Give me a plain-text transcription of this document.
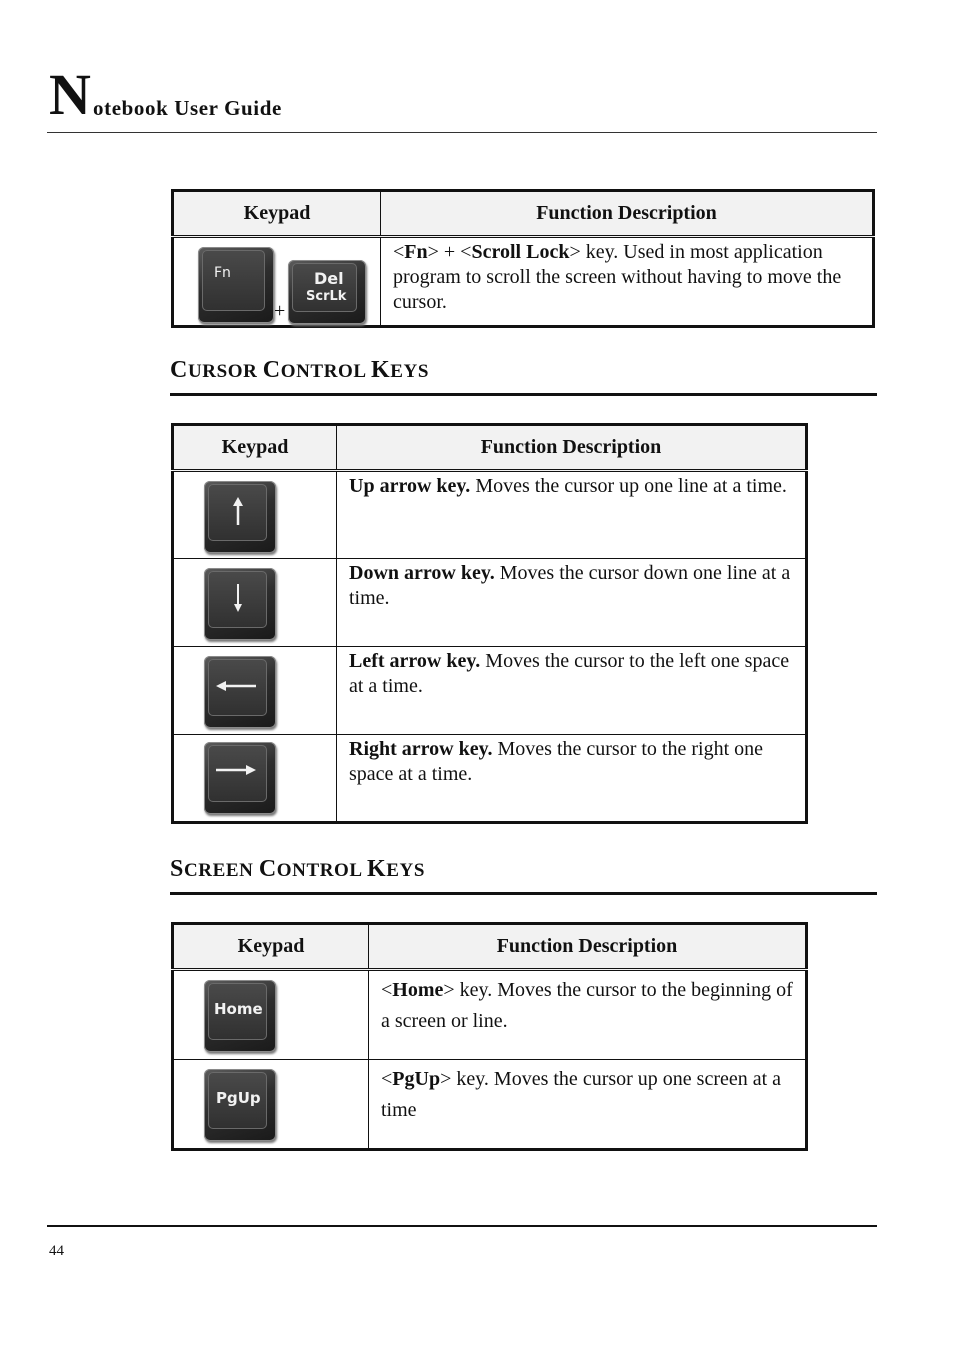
N otebook User Guide
Keypad	Function Description

Fn
+
Del
ScrLk	<Fn> + <Scroll Lock> key. Used in most application program to scroll the screen without having to move the cursor.
CURSOR CONTROL KEYS
Keypad	Function Description

Up arrow key. Moves the cursor up one line at a time.

Down arrow key. Moves the cursor down one line at a time.

Left arrow key. Moves the cursor to the left one space at a time.

Right arrow key. Moves the cursor to the right one space at a time.
SCREEN CONTROL KEYS
Keypad	Function Description

Home	<Home> key. Moves the cursor to the beginning of a screen or line.

PgUp	<PgUp> key. Moves the cursor up one screen at a time
44
